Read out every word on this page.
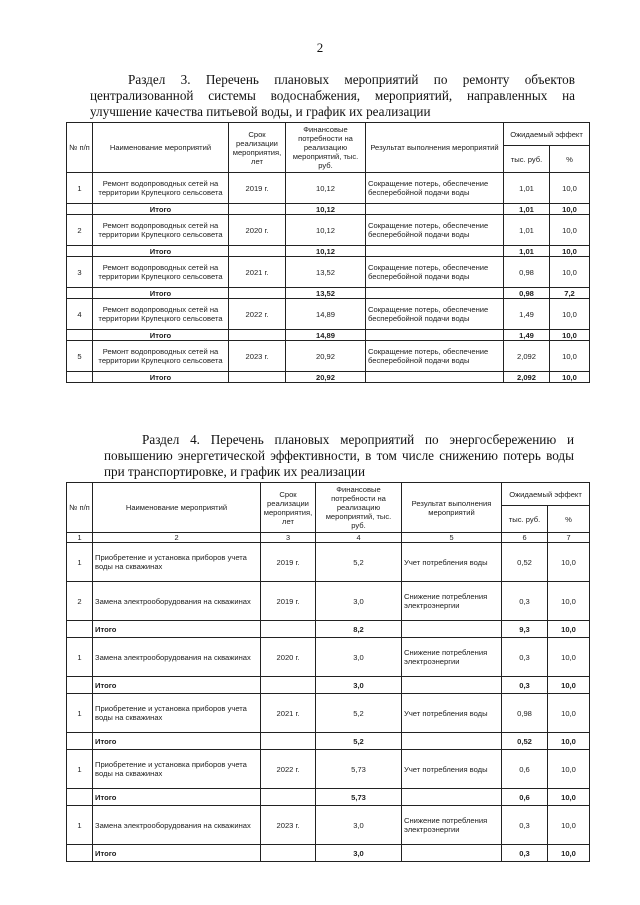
2
Раздел 3. Перечень плановых мероприятий по ремонту объектов централизованной системы водоснабжения, мероприятий, направленных на улучшение качества питьевой воды, и график их реализации
№ п/п	Наименование мероприятий	Срок реализации мероприятия, лет	Финансовые потребности на реализацию мероприятий, тыс. руб.	Результат выполнения мероприятий	Ожидаемый эффект	
					тыс. руб.	%
1	Ремонт водопроводных сетей на территории Крупецкого сельсовета	2019 г.	10,12	Сокращение потерь, обеспечение бесперебойной подачи воды	1,01	10,0
	Итого		10,12		1,01	10,0
2	Ремонт водопроводных сетей на территории Крупецкого сельсовета	2020 г.	10,12	Сокращение потерь, обеспечение бесперебойной подачи воды	1,01	10,0
	Итого		10,12		1,01	10,0
3	Ремонт водопроводных сетей на территории Крупецкого сельсовета	2021 г.	13,52	Сокращение потерь, обеспечение бесперебойной подачи воды	0,98	10,0
	Итого		13,52		0,98	7,2
4	Ремонт водопроводных сетей на территории Крупецкого сельсовета	2022 г.	14,89	Сокращение потерь, обеспечение бесперебойной подачи воды	1,49	10,0
	Итого		14,89		1,49	10,0
5	Ремонт водопроводных сетей на территории Крупецкого сельсовета	2023 г.	20,92	Сокращение потерь, обеспечение бесперебойной подачи воды	2,092	10,0
	Итого		20,92		2,092	10,0
Раздел 4. Перечень плановых мероприятий по энергосбережению и повышению энергетической эффективности, в том числе снижению потерь воды при транспортировке, и график их реализации
№ п/п	Наименование мероприятий	Срок реализации мероприятия, лет	Финансовые потребности на реализацию мероприятий, тыс. руб.	Результат выполнения мероприятий	Ожидаемый эффект	
					тыс. руб.	%
1	2	3	4	5	6	7
1	Приобретение и установка приборов учета воды на скважинах	2019 г.	5,2	Учет потребления воды	0,52	10,0
2	Замена электрооборудования на скважинах	2019 г.	3,0	Снижение потребления электроэнергии	0,3	10,0
	Итого		8,2		9,3	10,0
1	Замена электрооборудования на скважинах	2020 г.	3,0	Снижение потребления электроэнергии	0,3	10,0
	Итого		3,0		0,3	10,0
1	Приобретение и установка приборов учета воды на скважинах	2021 г.	5,2	Учет потребления воды	0,98	10,0
	Итого		5,2		0,52	10,0
1	Приобретение и установка приборов учета воды на скважинах	2022 г.	5,73	Учет потребления воды	0,6	10,0
	Итого		5,73		0,6	10,0
1	Замена электрооборудования на скважинах	2023 г.	3,0	Снижение потребления электроэнергии	0,3	10,0
	Итого		3,0		0,3	10,0
